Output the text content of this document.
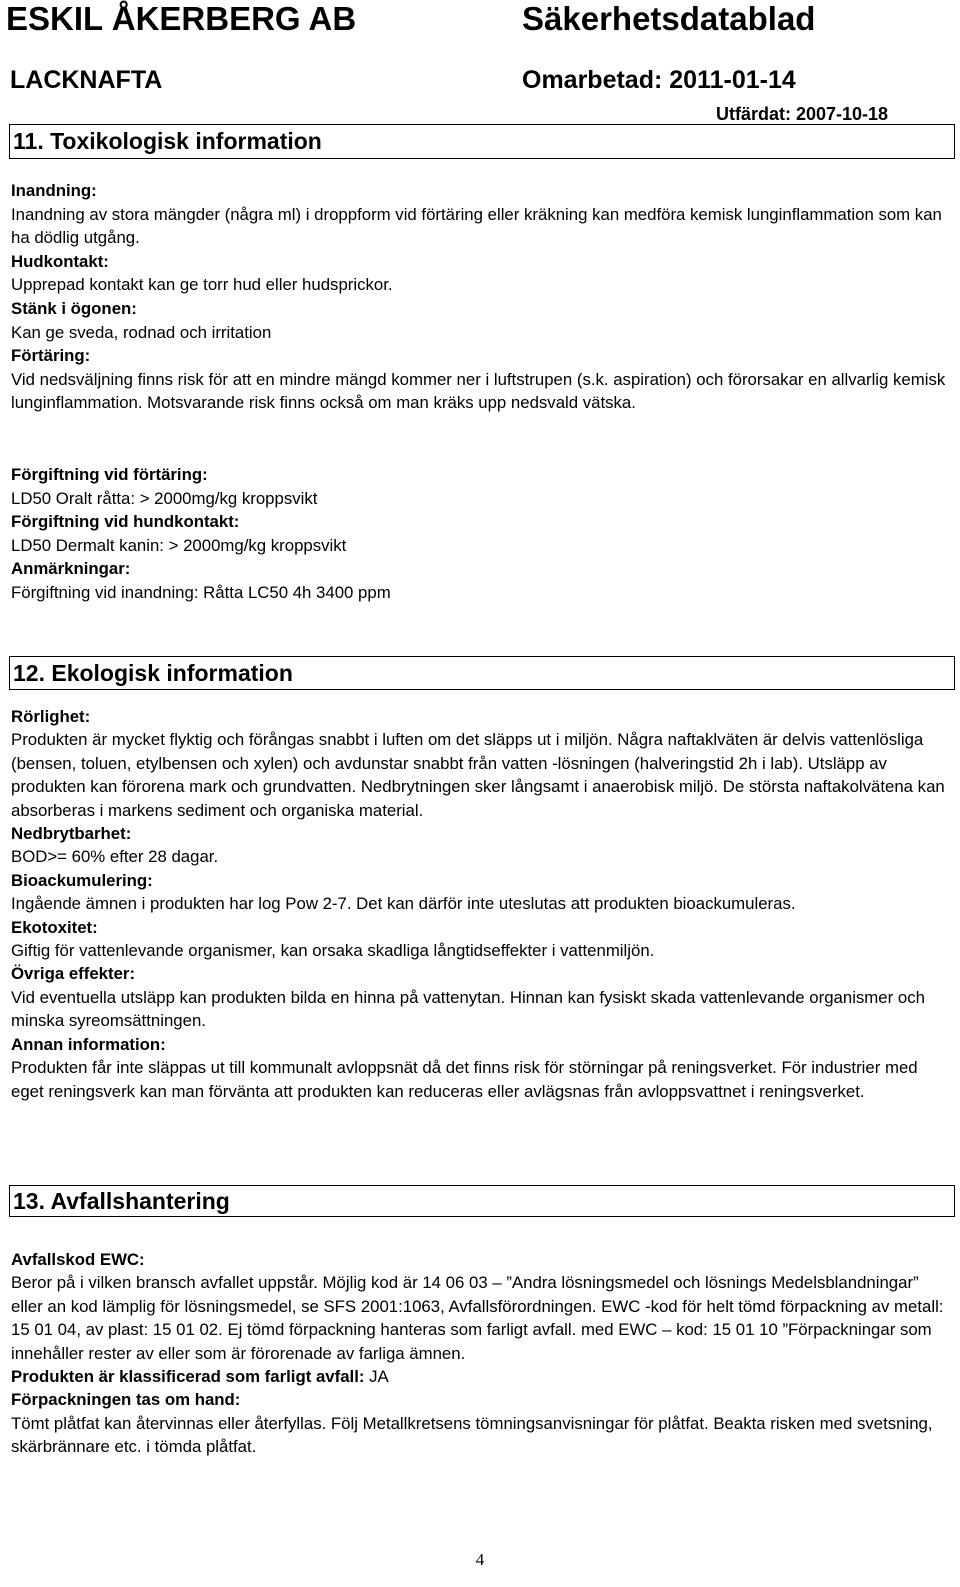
ESKIL ÅKERBERG AB	Säkerhetsdatablad
LACKNAFTA	Omarbetad: 2011-01-14
Utfärdat: 2007-10-18
11. Toxikologisk information

Inandning:

Inandning av stora mängder (några ml) i droppform vid förtäring eller kräkning kan medföra kemisk lunginflammation som kan ha dödlig utgång.

Hudkontakt:

Upprepad kontakt kan ge torr hud eller hudsprickor.

Stänk i ögonen:

Kan ge sveda, rodnad och irritation

Förtäring:

Vid nedsväljning finns risk för att en mindre mängd kommer ner i luftstrupen (s.k. aspiration) och förorsakar en allvarlig kemisk lunginflammation. Motsvarande risk finns också om man kräks upp nedsvald vätska.

Förgiftning vid förtäring:

LD50 Oralt råtta: > 2000mg/kg kroppsvikt

Förgiftning vid hundkontakt:

LD50 Dermalt kanin: > 2000mg/kg kroppsvikt

Anmärkningar:

Förgiftning vid inandning: Råtta LC50 4h 3400 ppm

12. Ekologisk information

Rörlighet:

Produkten är mycket flyktig och förångas snabbt i luften om det släpps ut i miljön. Några naftaklväten är delvis vattenlösliga (bensen, toluen, etylbensen och xylen) och avdunstar snabbt från vatten -lösningen (halveringstid 2h i lab). Utsläpp av produkten kan förorena mark och grundvatten. Nedbrytningen sker långsamt i anaerobisk miljö. De största naftakolvätena kan absorberas i markens sediment och organiska material.

Nedbrytbarhet:

BOD>= 60% efter 28 dagar.

Bioackumulering:

Ingående ämnen i produkten har log Pow 2-7. Det kan därför inte uteslutas att produkten bioackumuleras.

Ekotoxitet:

Giftig för vattenlevande organismer, kan orsaka skadliga långtidseffekter i vattenmiljön.

Övriga effekter:

Vid eventuella utsläpp kan produkten bilda en hinna på vattenytan. Hinnan kan fysiskt skada vattenlevande organismer och minska syreomsättningen.

Annan information:

Produkten får inte släppas ut till kommunalt avloppsnät då det finns risk för störningar på reningsverket. För industrier med eget reningsverk kan man förvänta att produkten kan reduceras eller avlägsnas från avloppsvattnet i reningsverket.

13. Avfallshantering

Avfallskod EWC:

Beror på i vilken bransch avfallet uppstår. Möjlig kod är 14 06 03 – ”Andra lösningsmedel och lösnings Medelsblandningar” eller an kod lämplig för lösningsmedel, se SFS 2001:1063, Avfallsförordningen. EWC -kod för helt tömd förpackning av metall: 15 01 04, av plast: 15 01 02. Ej tömd förpackning hanteras som farligt avfall. med EWC – kod: 15 01 10 ”Förpackningar som innehåller rester av eller som är förorenade av farliga ämnen.

Produkten är klassificerad som farligt avfall: JA

Förpackningen tas om hand:

Tömt plåtfat kan återvinnas eller återfyllas. Följ Metallkretsens tömningsanvisningar för plåtfat. Beakta risken med svetsning, skärbrännare etc. i tömda plåtfat.

4
